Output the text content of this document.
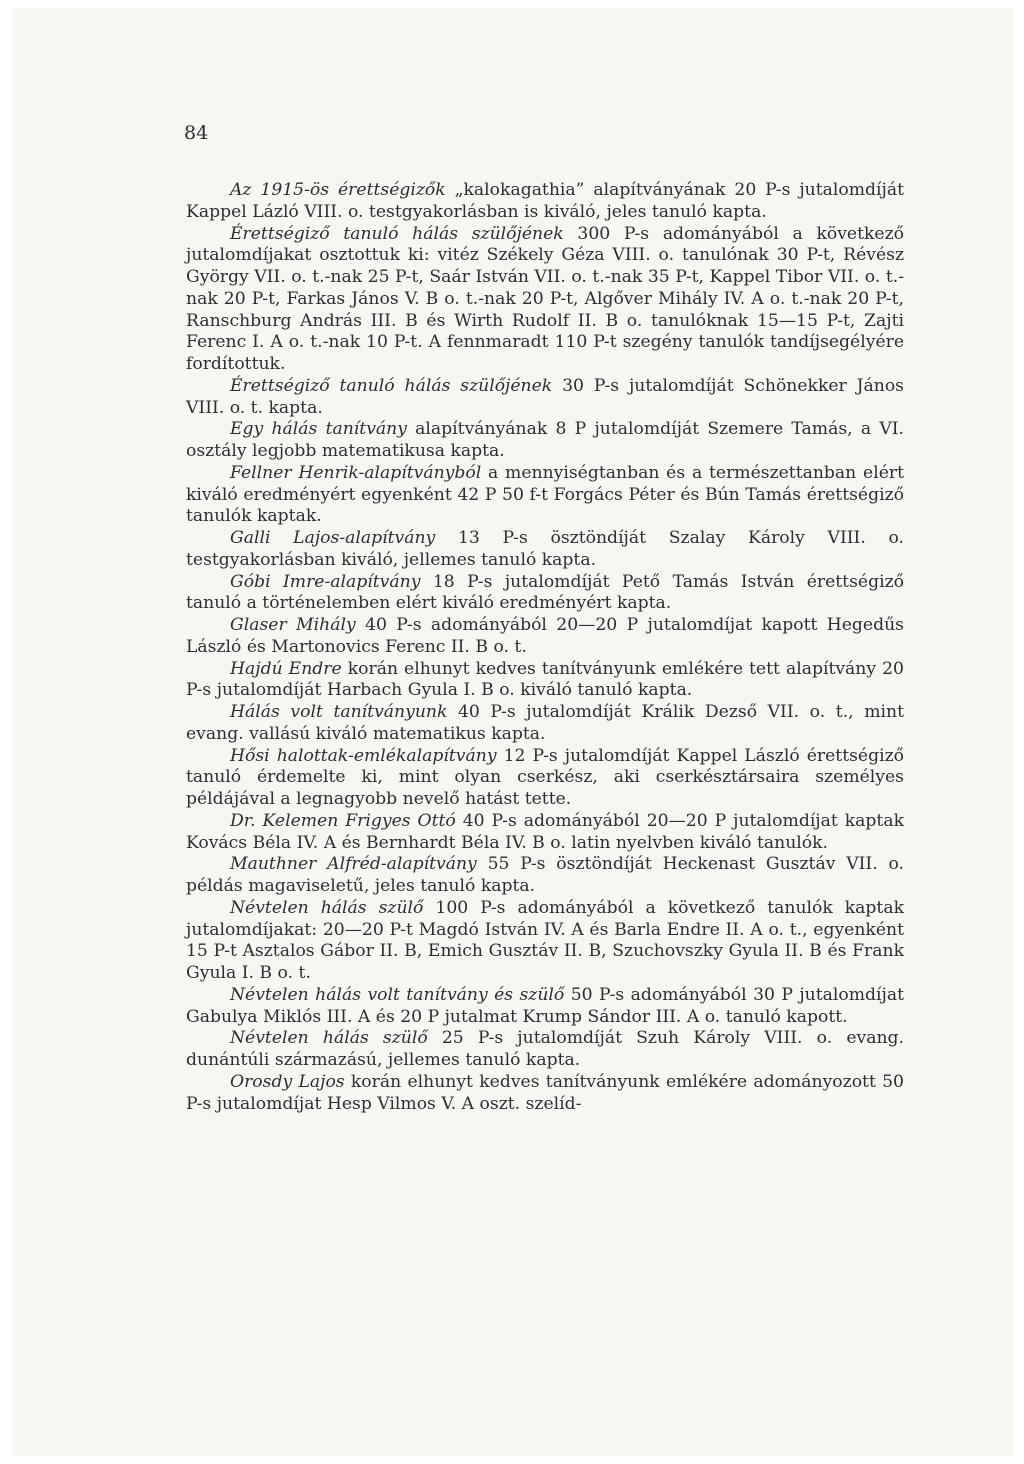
84

Az 1915-ös érettségizők „kalokagathia” alapítványának 20 P-s jutalomdíját Kappel Lázló VIII. o. testgyakorlásban is kiváló, jeles tanuló kapta.

Érettségiző tanuló hálás szülőjének 300 P-s adományából a következő jutalomdíjakat osztottuk ki: vitéz Székely Géza VIII. o. tanulónak 30 P-t, Révész György VII. o. t.-nak 25 P-t, Saár István VII. o. t.-nak 35 P-t, Kappel Tibor VII. o. t.-nak 20 P-t, Farkas János V. B o. t.-nak 20 P-t, Algőver Mihály IV. A o. t.-nak 20 P-t, Ranschburg András III. B és Wirth Rudolf II. B o. tanulóknak 15—15 P-t, Zajti Ferenc I. A o. t.-nak 10 P-t. A fennmaradt 110 P-t szegény tanulók tandíjsegélyére fordítottuk.

Érettségiző tanuló hálás szülőjének 30 P-s jutalomdíját Schönekker János VIII. o. t. kapta.

Egy hálás tanítvány alapítványának 8 P jutalomdíját Szemere Tamás, a VI. osztály legjobb matematikusa kapta.

Fellner Henrik-alapítványból a mennyiségtanban és a természettanban elért kiváló eredményért egyenként 42 P 50 f-t Forgács Péter és Bún Tamás érettségiző tanulók kaptak.

Galli Lajos-alapítvány 13 P-s ösztöndíját Szalay Károly VIII. o. testgyakorlásban kiváló, jellemes tanuló kapta.

Góbi Imre-alapítvány 18 P-s jutalomdíját Pető Tamás István érettségiző tanuló a történelemben elért kiváló eredményért kapta.

Glaser Mihály 40 P-s adományából 20—20 P jutalomdíjat kapott Hegedűs László és Martonovics Ferenc II. B o. t.

Hajdú Endre korán elhunyt kedves tanítványunk emlékére tett alapítvány 20 P-s jutalomdíját Harbach Gyula I. B o. kiváló tanuló kapta.

Hálás volt tanítványunk 40 P-s jutalomdíját Králik Dezső VII. o. t., mint evang. vallású kiváló matematikus kapta.

Hősi halottak-emlékalapítvány 12 P-s jutalomdíját Kappel László érettségiző tanuló érdemelte ki, mint olyan cserkész, aki cserkésztársaira személyes példájával a legnagyobb nevelő hatást tette.

Dr. Kelemen Frigyes Ottó 40 P-s adományából 20—20 P jutalomdíjat kaptak Kovács Béla IV. A és Bernhardt Béla IV. B o. latin nyelvben kiváló tanulók.

Mauthner Alfréd-alapítvány 55 P-s ösztöndíját Heckenast Gusztáv VII. o. példás magaviseletű, jeles tanuló kapta.

Névtelen hálás szülő 100 P-s adományából a következő tanulók kaptak jutalomdíjakat: 20—20 P-t Magdó István IV. A és Barla Endre II. A o. t., egyenként 15 P-t Asztalos Gábor II. B, Emich Gusztáv II. B, Szuchovszky Gyula II. B és Frank Gyula I. B o. t.

Névtelen hálás volt tanítvány és szülő 50 P-s adományából 30 P jutalomdíjat Gabulya Miklós III. A és 20 P jutalmat Krump Sándor III. A o. tanuló kapott.

Névtelen hálás szülő 25 P-s jutalomdíját Szuh Károly VIII. o. evang. dunántúli származású, jellemes tanuló kapta.

Orosdy Lajos korán elhunyt kedves tanítványunk emlékére adományozott 50 P-s jutalomdíjat Hesp Vilmos V. A oszt. szelíd-
